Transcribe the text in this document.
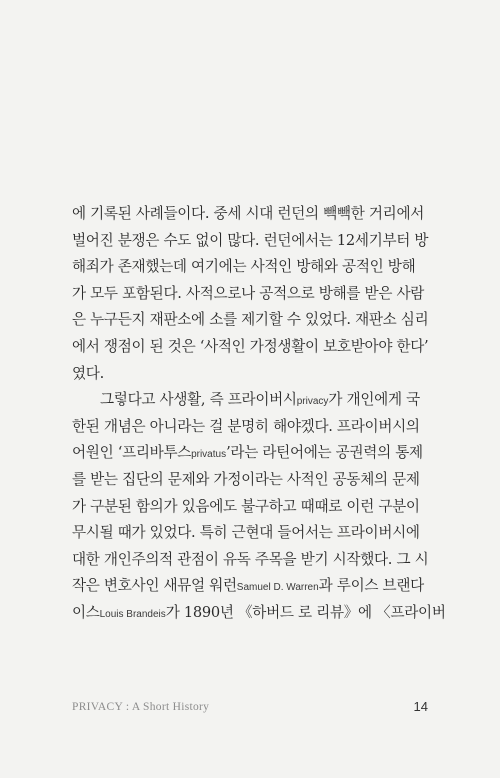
에 기록된 사례들이다. 중세 시대 런던의 빽빽한 거리에서
벌어진 분쟁은 수도 없이 많다. 런던에서는 12세기부터 방
해죄가 존재했는데 여기에는 사적인 방해와 공적인 방해
가 모두 포함된다. 사적으로나 공적으로 방해를 받은 사람
은 누구든지 재판소에 소를 제기할 수 있었다. 재판소 심리
에서 쟁점이 된 것은 ‘사적인 가정생활이 보호받아야 한다’
였다.
그렇다고 사생활, 즉 프라이버시privacy가 개인에게 국
한된 개념은 아니라는 걸 분명히 해야겠다. 프라이버시의
어원인 ‘프리바투스privatus’라는 라틴어에는 공권력의 통제
를 받는 집단의 문제와 가정이라는 사적인 공동체의 문제
가 구분된 함의가 있음에도 불구하고 때때로 이런 구분이
무시될 때가 있었다. 특히 근현대 들어서는 프라이버시에
대한 개인주의적 관점이 유독 주목을 받기 시작했다. 그 시
작은 변호사인 새뮤얼 워런Samuel D. Warren과 루이스 브랜다
이스Louis Brandeis가 1890년 《하버드 로 리뷰》에 〈프라이버
PRIVACY : A Short History	14
